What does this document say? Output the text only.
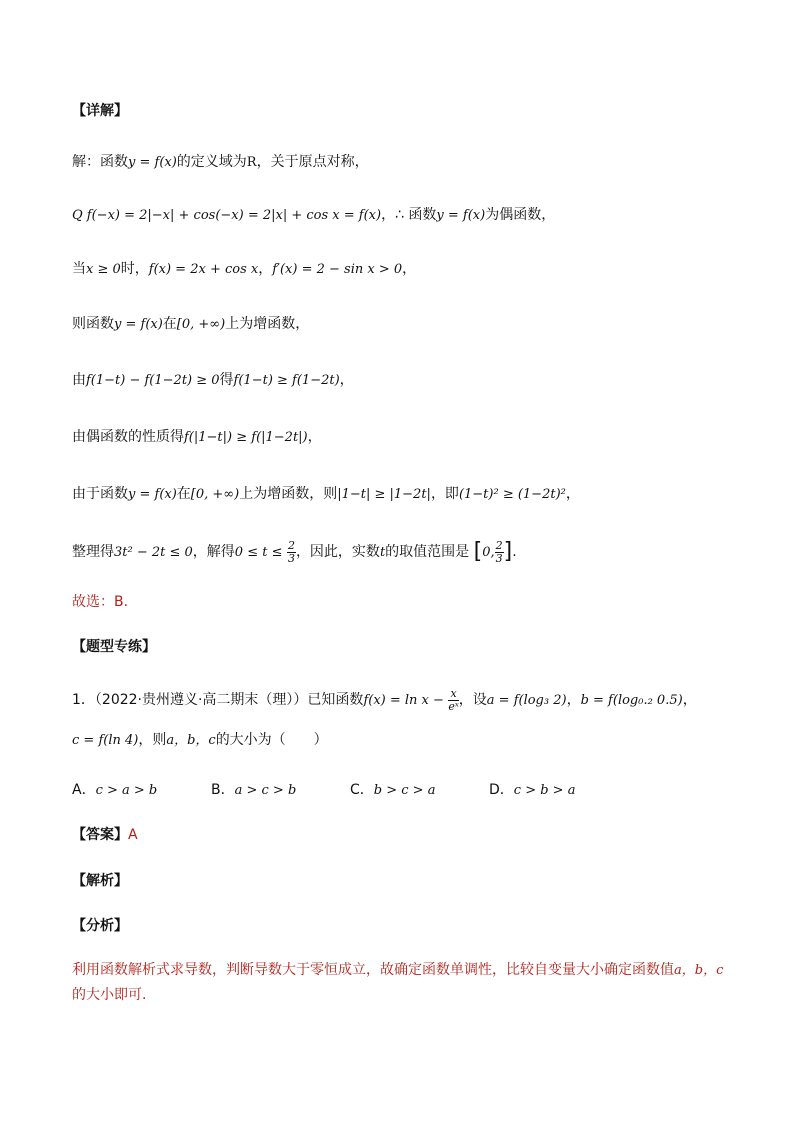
【详解】
解：函数y = f(x)的定义域为R，关于原点对称，
Q f(−x) = 2|−x| + cos(−x) = 2|x| + cos x = f(x)，∴ 函数y = f(x)为偶函数，
当x ≥ 0时，f(x) = 2x + cos x，f′(x) = 2 − sin x > 0，
则函数y = f(x)在[0, +∞)上为增函数，
由f(1−t) − f(1−2t) ≥ 0得f(1−t) ≥ f(1−2t)，
由偶函数的性质得f(|1−t|) ≥ f(|1−2t|)，
由于函数y = f(x)在[0, +∞)上为增函数，则|1−t| ≥ |1−2t|，即(1−t)² ≥ (1−2t)²，
整理得3t² − 2t ≤ 0，解得$0 \le t \le \frac{2}{3}$ ，因此，实数t的取值范围是 [0, $\frac{2}{3}$ ].
故选：B.
【题型专练】
1．（2022·贵州遵义·高二期末（理））已知函数$f(x) = \ln x - \frac{x}{\text{eˣ}}$ ，设a = f(log₃ 2)，b = f(log₀.₂ 0.5)，
c = f(ln 4)，则a，b，c的大小为（　　）
A．c > a > b	B．a > c > b	C．b > c > a	D．c > b > a
【答案】A
【解析】
【分析】
利用函数解析式求导数，判断导数大于零恒成立，故确定函数单调性，比较自变量大小确定函数值a，b，c的大小即可.
